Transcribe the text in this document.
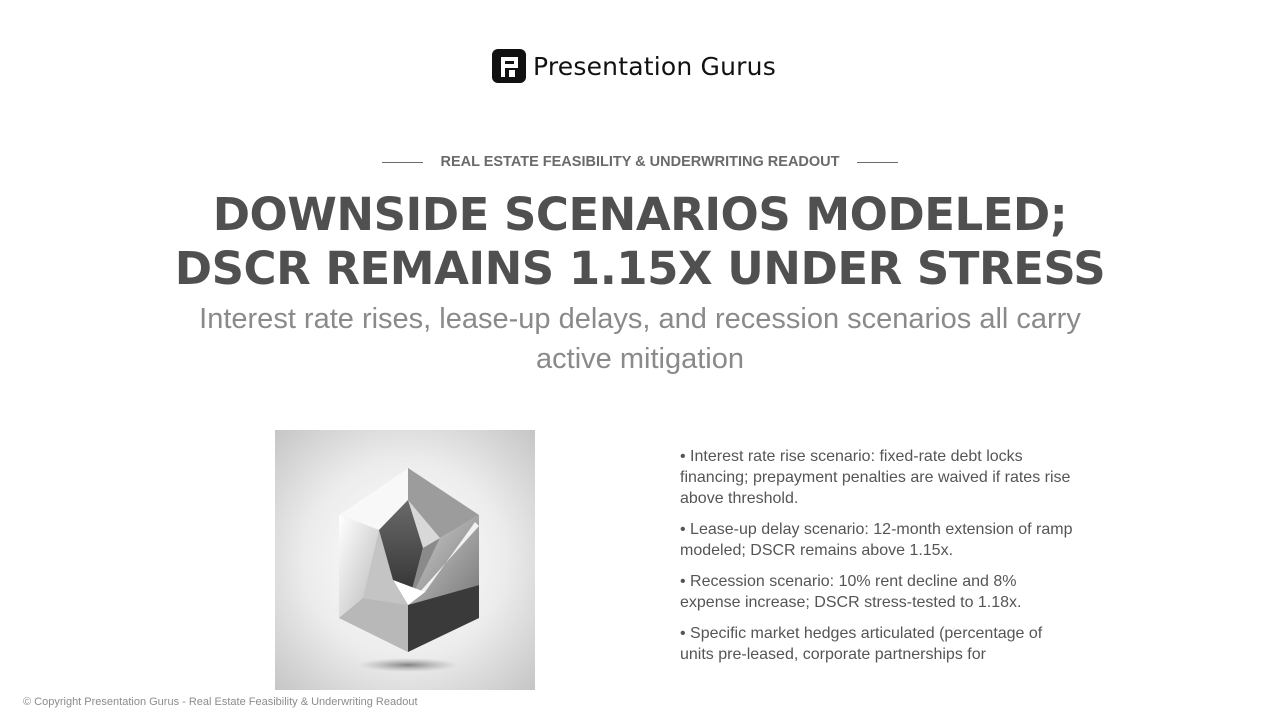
Presentation Gurus
REAL ESTATE FEASIBILITY & UNDERWRITING READOUT
DOWNSIDE SCENARIOS MODELED; DSCR REMAINS 1.15X UNDER STRESS

Interest rate rises, lease-up delays, and recession scenarios all carry active mitigation

• Interest rate rise scenario: fixed-rate debt locks financing; prepayment penalties are waived if rates rise above threshold.
• Lease-up delay scenario: 12-month extension of ramp modeled; DSCR remains above 1.15x.
• Recession scenario: 10% rent decline and 8% expense increase; DSCR stress-tested to 1.18x.
• Specific market hedges articulated (percentage of units pre-leased, corporate partnerships for
© Copyright Presentation Gurus - Real Estate Feasibility & Underwriting Readout
